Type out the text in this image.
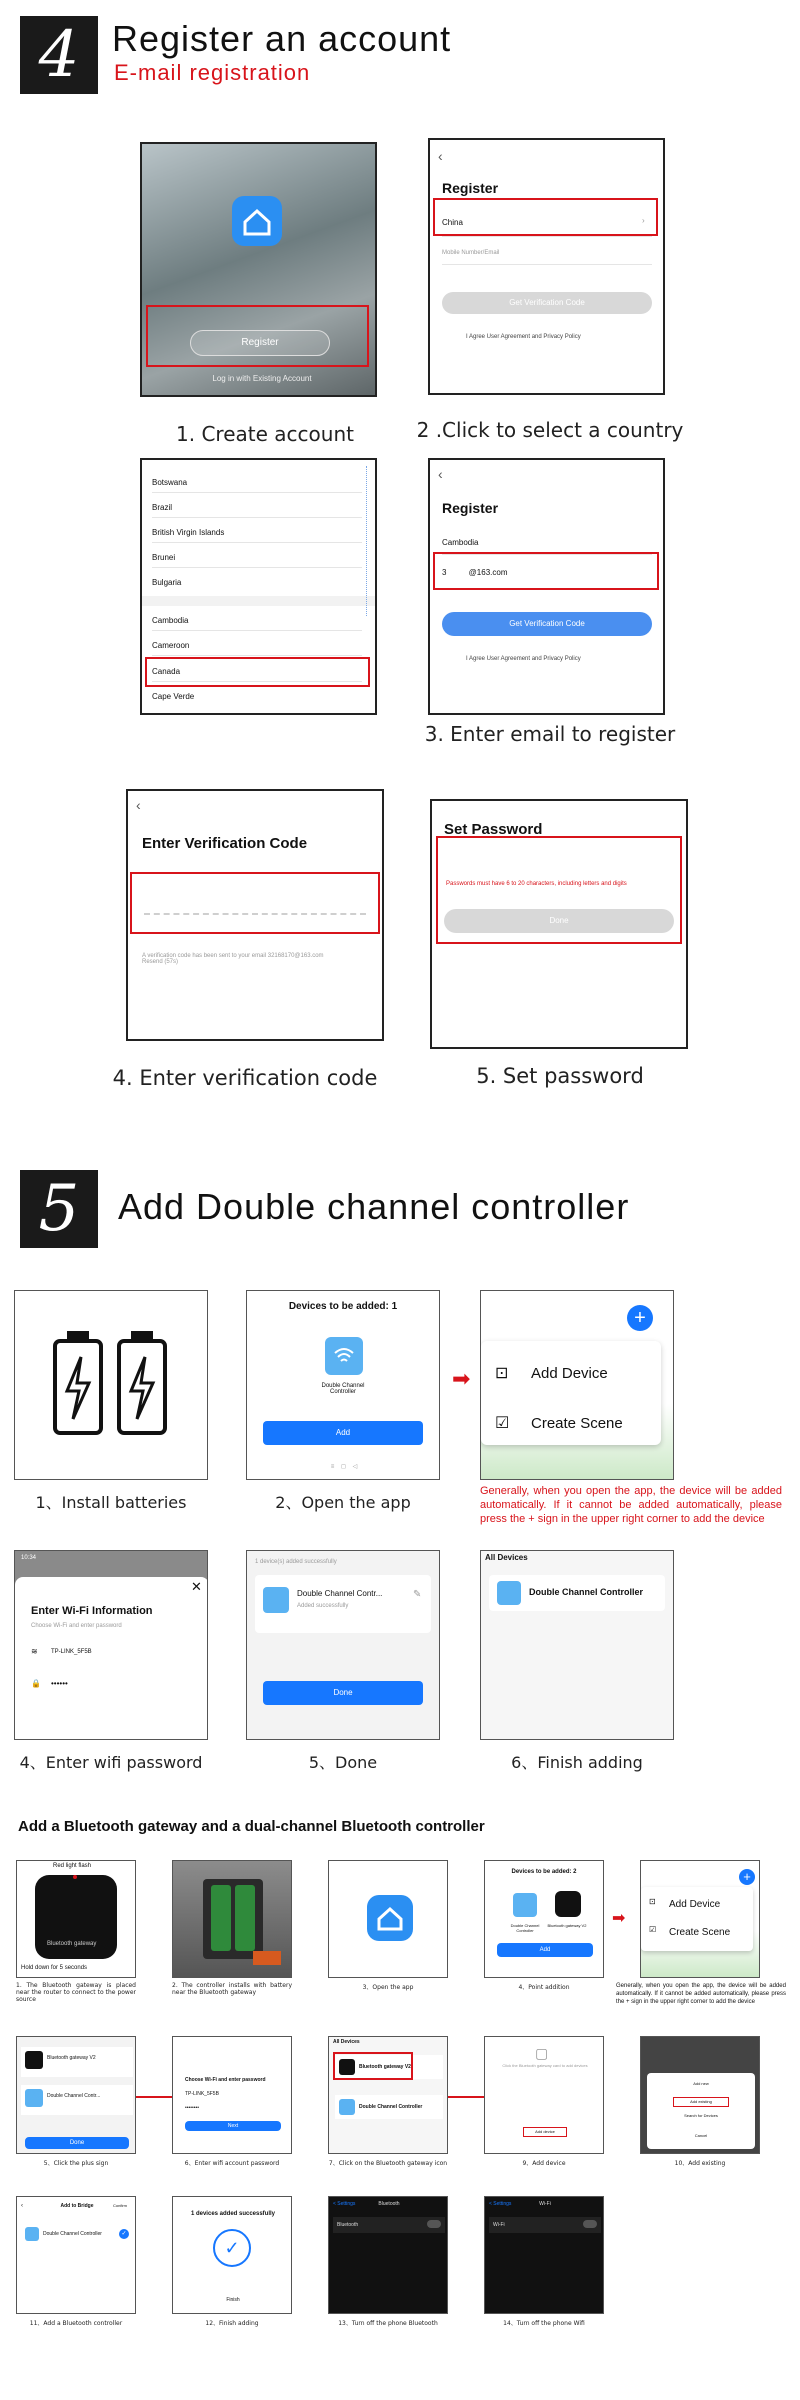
4 Register an account
E-mail registration
Register
Log in with Existing Account
1. Create account
‹
Register
China	›
Mobile Number/Email
Get Verification Code
I Agree User Agreement and Privacy Policy
2 .Click to select a country
Botswana
Brazil
British Virgin Islands
Brunei
Bulgaria
Cambodia
Cameroon
Canada
Cape Verde
‹
Register
Cambodia
3          @163.com
Get Verification Code
I Agree User Agreement and Privacy Policy
3. Enter email to register
‹
Enter Verification Code
A verification code has been sent to your email 32168170@163.com Resend (57s)
4. Enter verification code
Set Password
Passwords must have 6 to 20 characters, including letters and digits
Done
5. Set password
5	Add Double channel controller
1、Install batteries
Devices to be added: 1
Double Channel Controller
Add
≡    ◻    ◁
2、Open the app
➡
+
⊡ Add Device
☑ Create Scene
Generally, when you open the app, the device will be added automatically. If it cannot be added automatically, please press the + sign in the upper right corner to add the device
10:34
✕
Enter Wi-Fi Information
Choose Wi-Fi and enter password
≋ TP-LINK_5F5B
🔒 ••••••
4、Enter wifi password
1 device(s) added successfully
Double Channel Contr...
Added successfully
✎
Done
5、Done
All Devices
Double Channel Controller
6、Finish adding
Add a Bluetooth gateway and a dual-channel Bluetooth controller
Red light flash
Bluetooth gateway
Hold down for 5 seconds
1. The Bluetooth gateway is placed near the router to connect to the power source
2. The controller installs with battery near the Bluetooth gateway
3、Open the app
Devices to be added: 2
Double Channel Controller
Bluetooth gateway V2
Add
4、Point addition
➡
+
⊡ Add Device
☑ Create Scene
Generally, when you open the app, the device will be added automatically. If it cannot be added automatically, please press the + sign in the upper right corner to add the device
Bluetooth gateway V2
Double Channel Contr...
Done
5、Click the plus sign
Choose Wi-Fi and enter password
TP-LINK_5F5B
••••••••
Next
6、Enter wifi account password
All Devices
Bluetooth gateway V2
Double Channel Controller
7、Click on the Bluetooth gateway icon
▢
Click the Bluetooth gateway card to add devices
Add device
9、Add device
Add new
Add existing
Search for Devices
Cancel
10、Add existing
‹	Add to Bridge	Confirm
Double Channel Controller	✓
11、Add a Bluetooth controller
1 devices added successfully
✓
Finish
12、Finish adding
< Settings	Bluetooth
Bluetooth
13、Turn off the phone Bluetooth
< Settings	Wi-Fi
Wi-Fi
14、Turn off the phone Wifi
